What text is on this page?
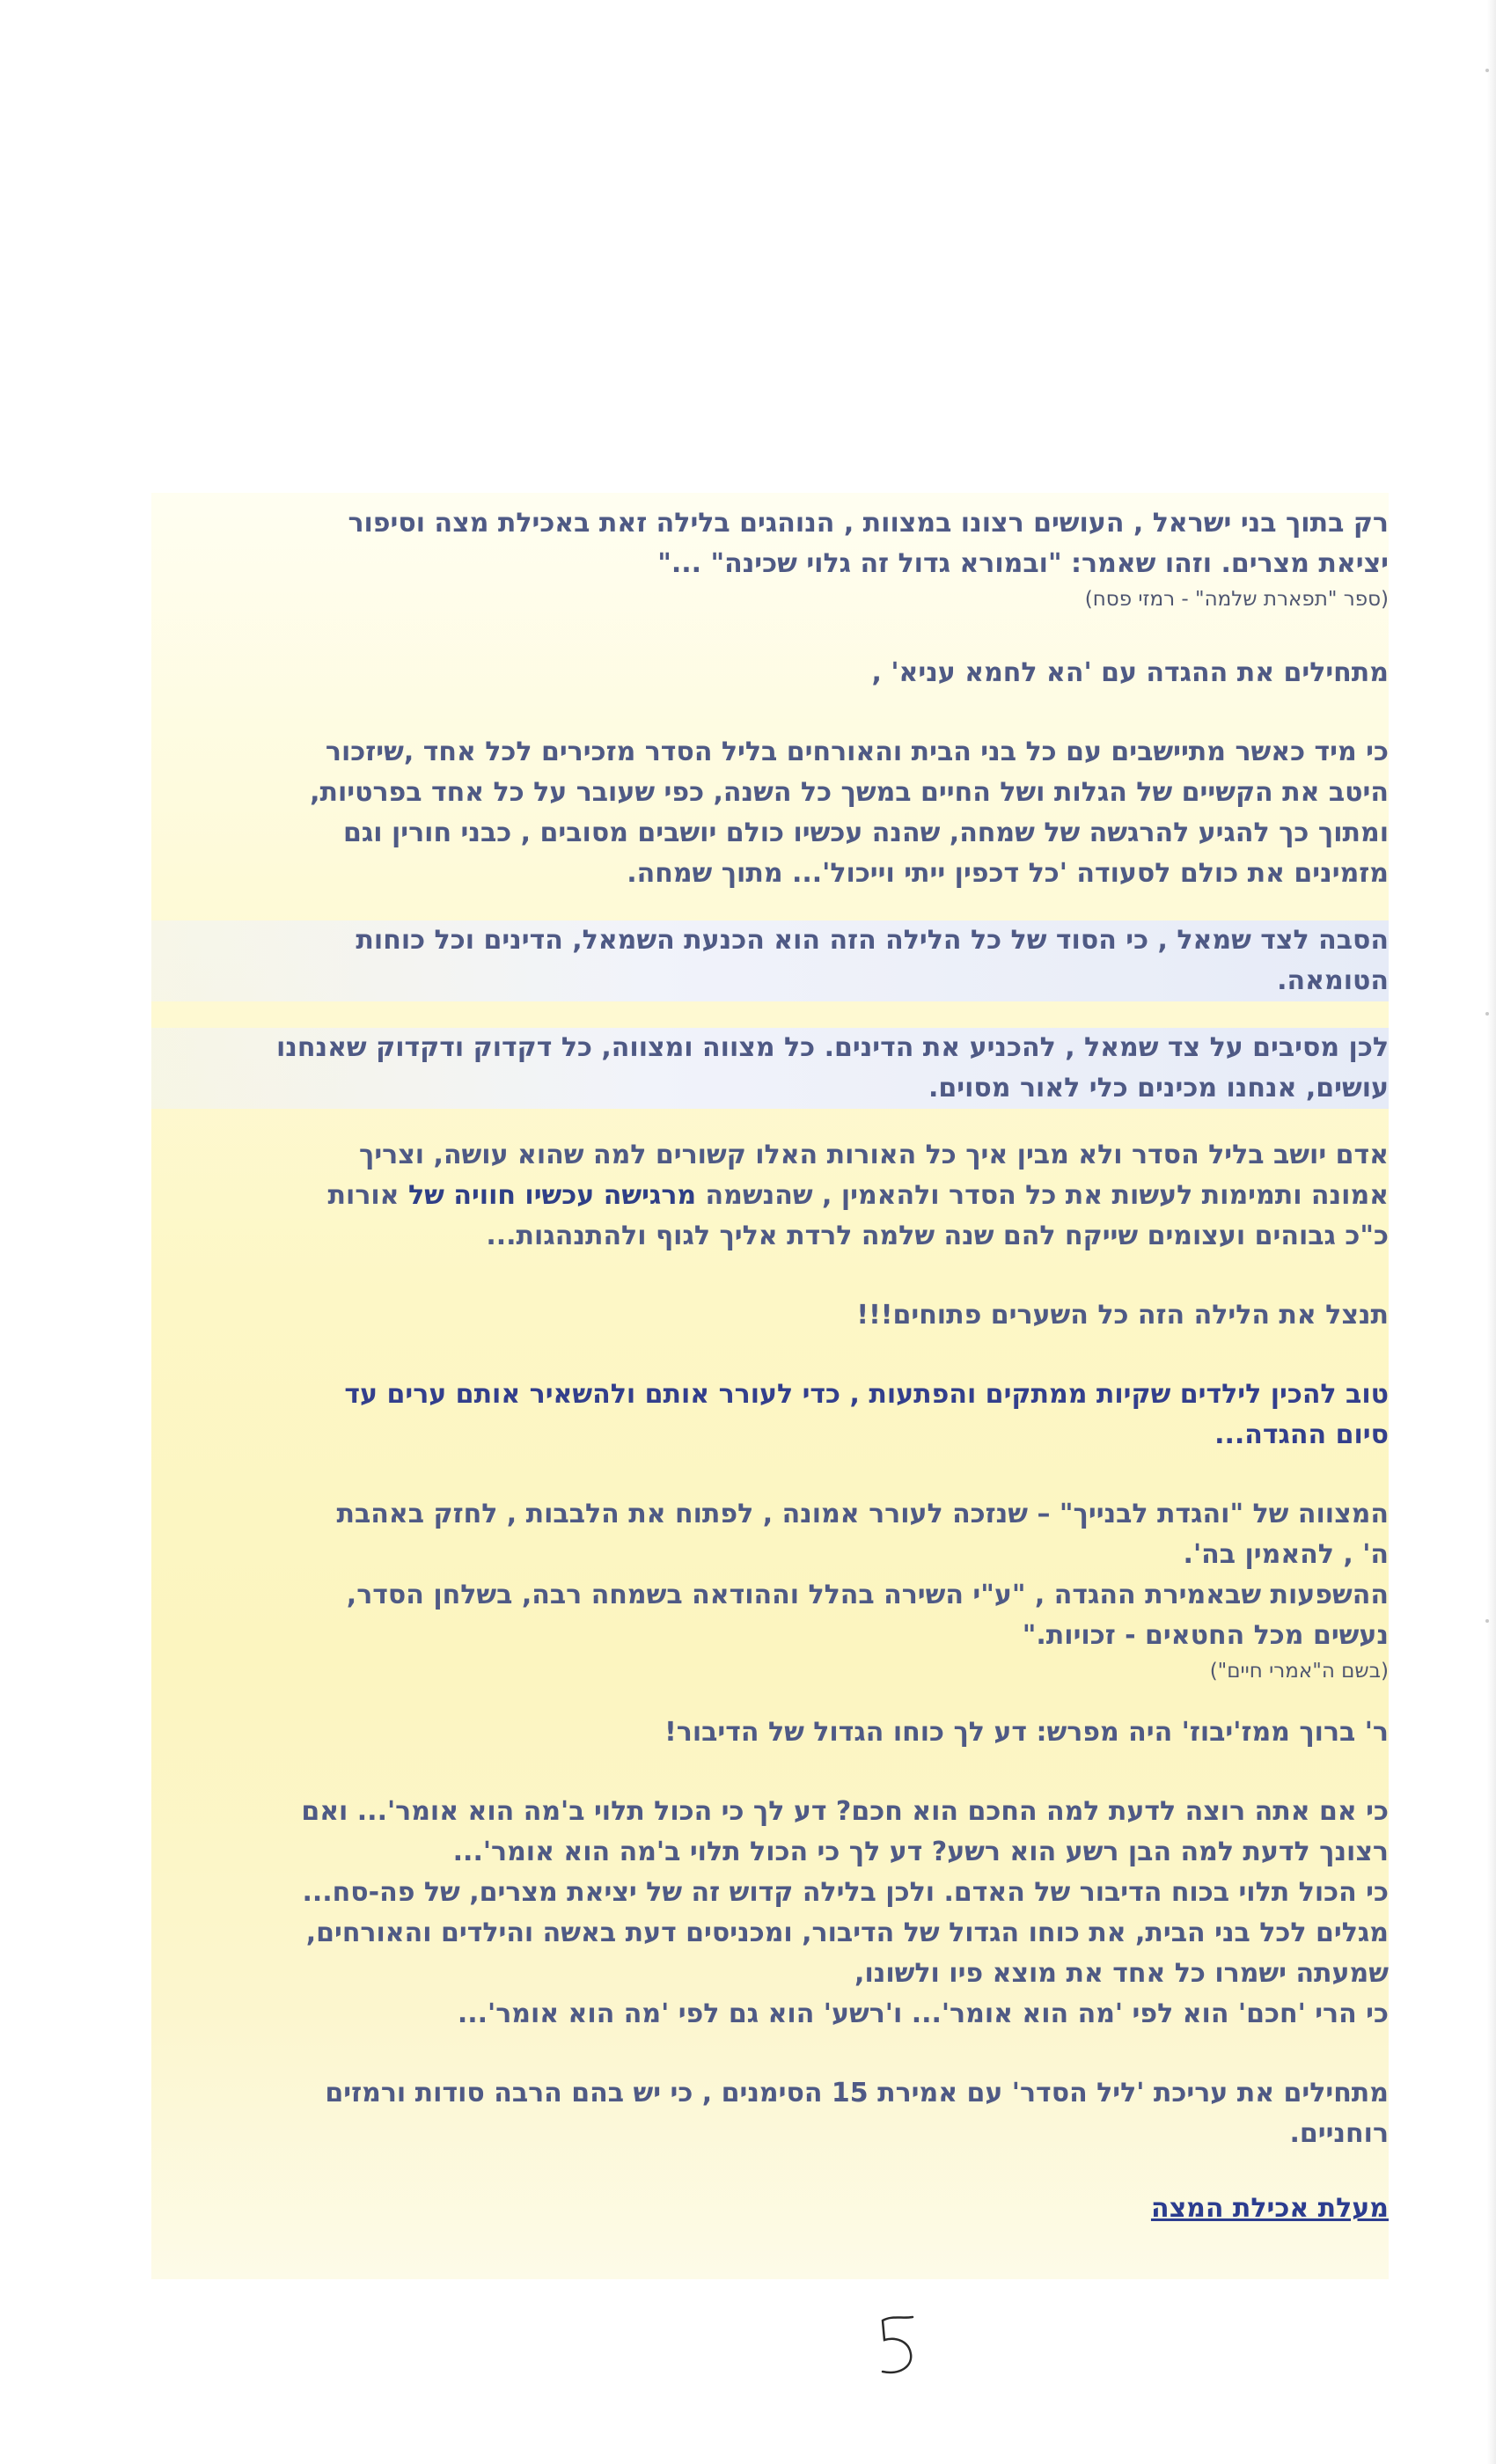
רק בתוך בני ישראל , העושים רצונו במצוות , הנוהגים בלילה זאת באכילת מצה וסיפור

יציאת מצרים. וזהו שאמר: "ובמורא גדול זה גלוי שכינה" ..."

(ספר "תפארת שלמה" - רמזי פסח)

מתחילים את ההגדה עם 'הא לחמא עניא' ,

כי מיד כאשר מתיישבים עם כל בני הבית והאורחים בליל הסדר מזכירים לכל אחד ,שיזכור

היטב את הקשיים של הגלות ושל החיים במשך כל השנה, כפי שעובר על כל אחד בפרטיות,

ומתוך כך להגיע להרגשה של שמחה, שהנה עכשיו כולם יושבים מסובים , כבני חורין וגם

מזמינים את כולם לסעודה 'כל דכפין ייתי וייכול'... מתוך שמחה.

הסבה לצד שמאל , כי הסוד של כל הלילה הזה הוא הכנעת השמאל, הדינים וכל כוחות

הטומאה.

לכן מסיבים על צד שמאל , להכניע את הדינים. כל מצווה ומצווה, כל דקדוק ודקדוק שאנחנו

עושים, אנחנו מכינים כלי לאור מסוים.

אדם יושב בליל הסדר ולא מבין איך כל האורות האלו קשורים למה שהוא עושה, וצריך

אמונה ותמימות לעשות את כל הסדר ולהאמין , שהנשמה מרגישה עכשיו חוויה של אורות

כ"כ גבוהים ועצומים שייקח להם שנה שלמה לרדת אליך לגוף ולהתנהגות...

תנצל את הלילה הזה כל השערים פתוחים!!!

טוב להכין לילדים שקיות ממתקים והפתעות , כדי לעורר אותם ולהשאיר אותם ערים עד

סיום ההגדה...

המצווה של "והגדת לבנייך" – שנזכה לעורר אמונה , לפתוח את הלבבות , לחזק באהבת

ה' , להאמין בה'.

ההשפעות שבאמירת ההגדה , "ע"י השירה בהלל וההודאה בשמחה רבה, בשלחן הסדר,

נעשים מכל החטאים - זכויות."

(בשם ה"אמרי חיים")

ר' ברוך ממז'יבוז' היה מפרש: דע לך כוחו הגדול של הדיבור!

כי אם אתה רוצה לדעת למה החכם הוא חכם? דע לך כי הכול תלוי ב'מה הוא אומר'... ואם

רצונך לדעת למה הבן רשע הוא רשע? דע לך כי הכול תלוי ב'מה הוא אומר'...

כי הכול תלוי בכוח הדיבור של האדם. ולכן בלילה קדוש זה של יציאת מצרים, של פה-סח...

מגלים לכל בני הבית, את כוחו הגדול של הדיבור, ומכניסים דעת באשה והילדים והאורחים,

שמעתה ישמרו כל אחד את מוצא פיו ולשונו,

כי הרי 'חכם' הוא לפי 'מה הוא אומר'... ו'רשע' הוא גם לפי 'מה הוא אומר'...

מתחילים את עריכת 'ליל הסדר' עם אמירת 15 הסימנים , כי יש בהם הרבה סודות ורמזים

רוחניים.

מעלת אכילת המצה
